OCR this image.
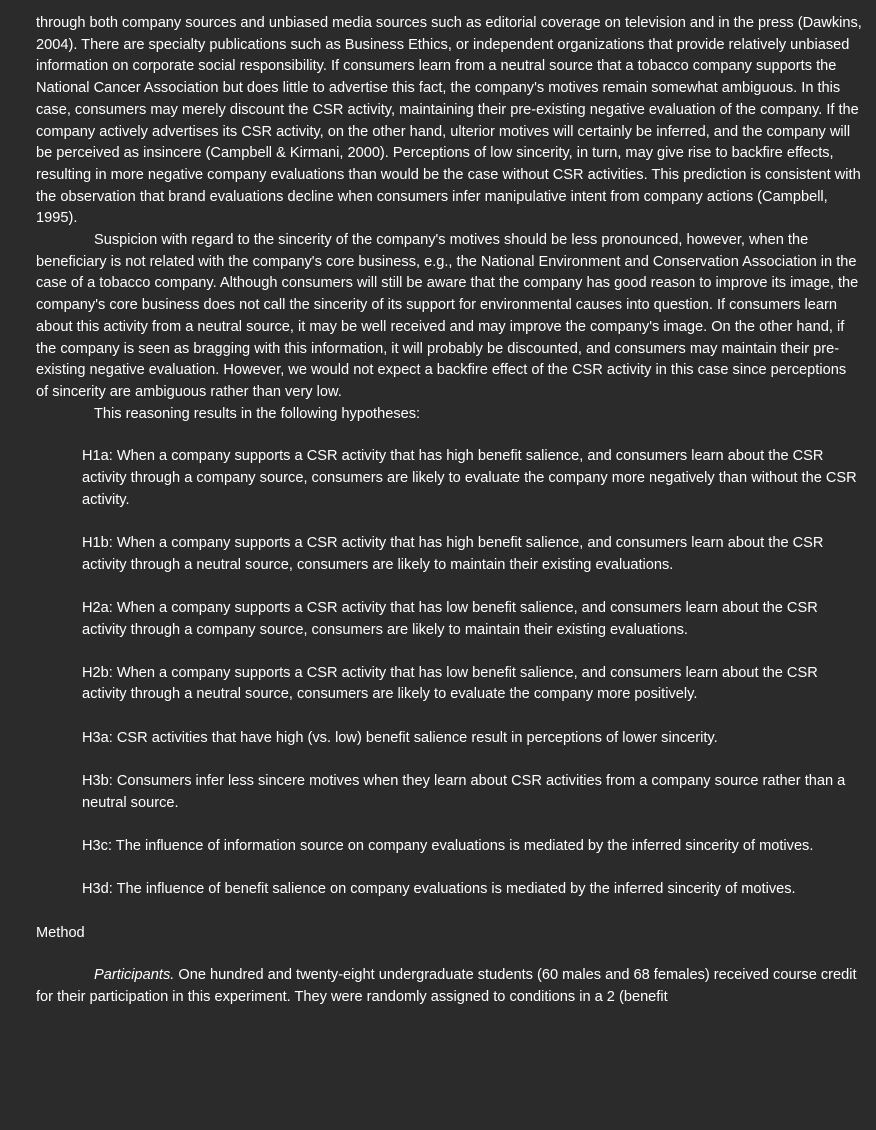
through both company sources and unbiased media sources such as editorial coverage on television and in the press (Dawkins, 2004). There are specialty publications such as Business Ethics, or independent organizations that provide relatively unbiased information on corporate social responsibility. If consumers learn from a neutral source that a tobacco company supports the National Cancer Association but does little to advertise this fact, the company's motives remain somewhat ambiguous. In this case, consumers may merely discount the CSR activity, maintaining their pre-existing negative evaluation of the company. If the company actively advertises its CSR activity, on the other hand, ulterior motives will certainly be inferred, and the company will be perceived as insincere (Campbell & Kirmani, 2000). Perceptions of low sincerity, in turn, may give rise to backfire effects, resulting in more negative company evaluations than would be the case without CSR activities. This prediction is consistent with the observation that brand evaluations decline when consumers infer manipulative intent from company actions (Campbell, 1995).

Suspicion with regard to the sincerity of the company's motives should be less pronounced, however, when the beneficiary is not related with the company's core business, e.g., the National Environment and Conservation Association in the case of a tobacco company. Although consumers will still be aware that the company has good reason to improve its image, the company's core business does not call the sincerity of its support for environmental causes into question. If consumers learn about this activity from a neutral source, it may be well received and may improve the company's image. On the other hand, if the company is seen as bragging with this information, it will probably be discounted, and consumers may maintain their pre-existing negative evaluation. However, we would not expect a backfire effect of the CSR activity in this case since perceptions of sincerity are ambiguous rather than very low.

This reasoning results in the following hypotheses:

H1a: When a company supports a CSR activity that has high benefit salience, and consumers learn about the CSR activity through a company source, consumers are likely to evaluate the company more negatively than without the CSR activity.

H1b: When a company supports a CSR activity that has high benefit salience, and consumers learn about the CSR activity through a neutral source, consumers are likely to maintain their existing evaluations.

H2a: When a company supports a CSR activity that has low benefit salience, and consumers learn about the CSR activity through a company source, consumers are likely to maintain their existing evaluations.

H2b: When a company supports a CSR activity that has low benefit salience, and consumers learn about the CSR activity through a neutral source, consumers are likely to evaluate the company more positively.

H3a: CSR activities that have high (vs. low) benefit salience result in perceptions of lower sincerity.

H3b: Consumers infer less sincere motives when they learn about CSR activities from a company source rather than a neutral source.

H3c: The influence of information source on company evaluations is mediated by the inferred sincerity of motives.

H3d: The influence of benefit salience on company evaluations is mediated by the inferred sincerity of motives.

Method

Participants. One hundred and twenty-eight undergraduate students (60 males and 68 females) received course credit for their participation in this experiment. They were randomly assigned to conditions in a 2 (benefit
